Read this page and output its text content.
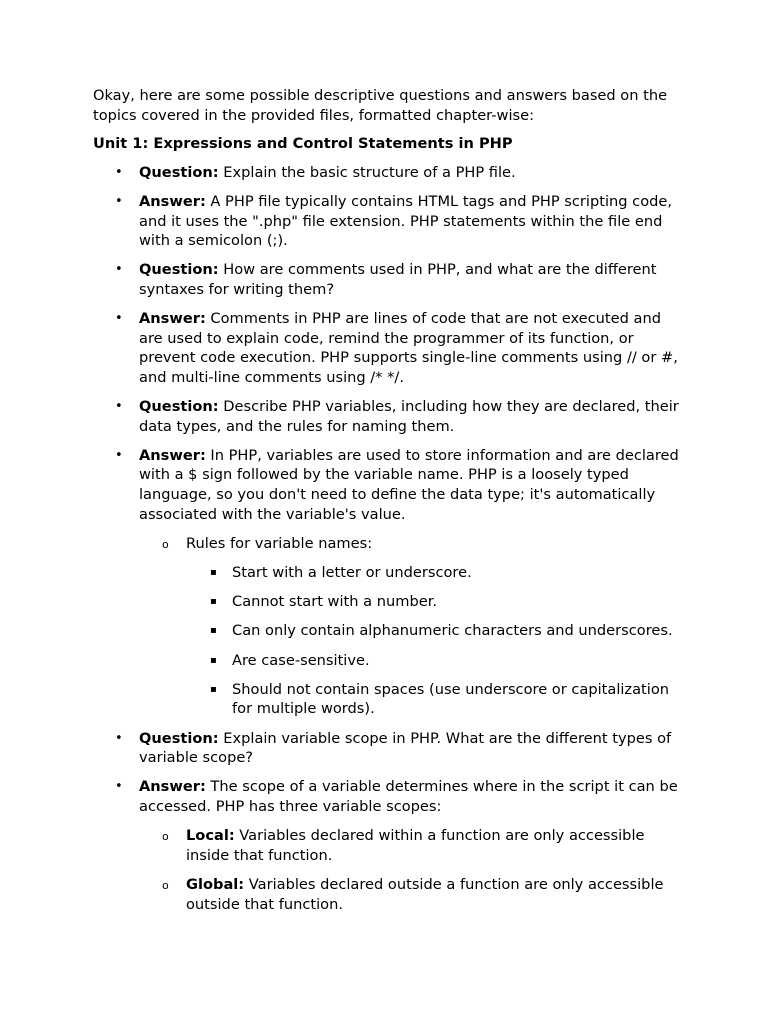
Okay, here are some possible descriptive questions and answers based on the topics covered in the provided files, formatted chapter-wise:

Unit 1: Expressions and Control Statements in PHP

• Question: Explain the basic structure of a PHP file.
• Answer: A PHP file typically contains HTML tags and PHP scripting code, and it uses the ".php" file extension. PHP statements within the file end with a semicolon (;).
• Question: How are comments used in PHP, and what are the different syntaxes for writing them?
• Answer: Comments in PHP are lines of code that are not executed and are used to explain code, remind the programmer of its function, or prevent code execution. PHP supports single-line comments using // or #, and multi-line comments using /* */.
• Question: Describe PHP variables, including how they are declared, their data types, and the rules for naming them.
• Answer: In PHP, variables are used to store information and are declared with a $ sign followed by the variable name. PHP is a loosely typed language, so you don't need to define the data type; it's automatically associated with the variable's value.
o Rules for variable names:
▪ Start with a letter or underscore.
▪ Cannot start with a number.
▪ Can only contain alphanumeric characters and underscores.
▪ Are case-sensitive.
▪ Should not contain spaces (use underscore or capitalization for multiple words).
• Question: Explain variable scope in PHP. What are the different types of variable scope?
• Answer: The scope of a variable determines where in the script it can be accessed. PHP has three variable scopes:
o Local: Variables declared within a function are only accessible inside that function.
o Global: Variables declared outside a function are only accessible outside that function.
